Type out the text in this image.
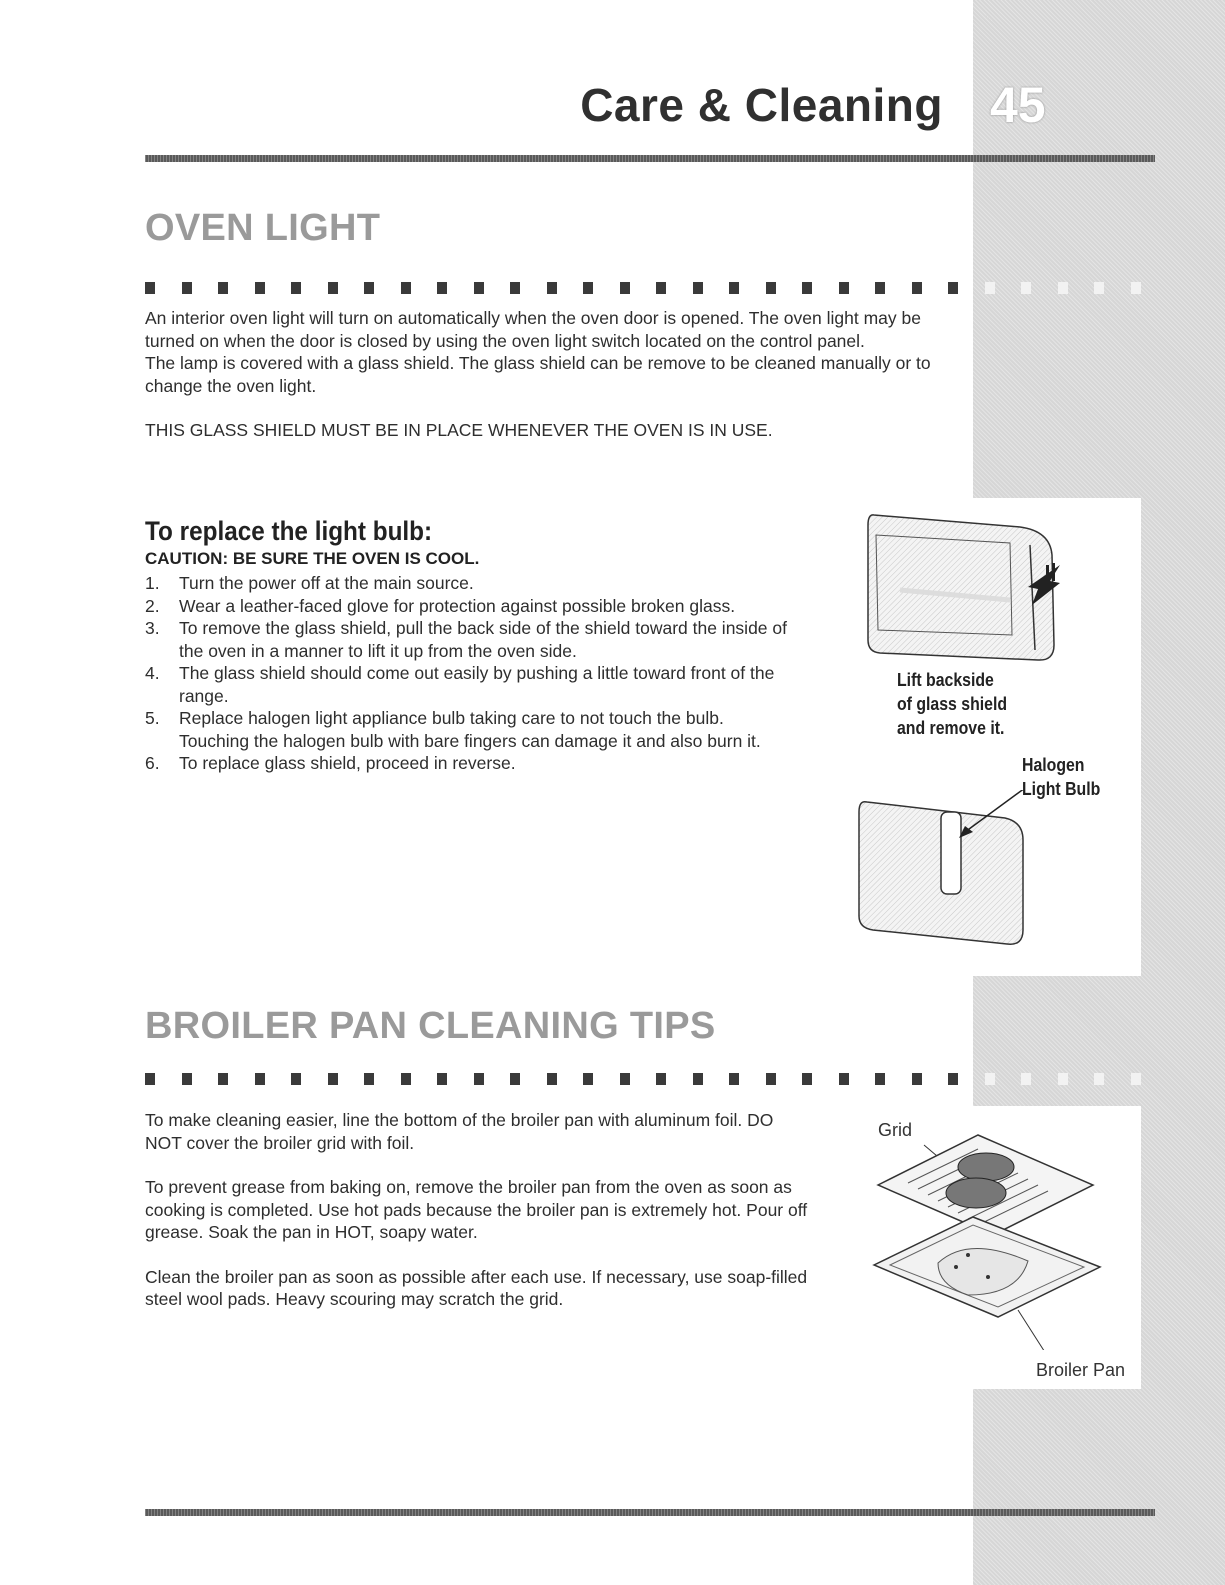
Care & Cleaning 45
OVEN LIGHT

An interior oven light will turn on automatically when the oven door is opened. The oven light may be turned on when the door is closed by using the oven light switch located on the control panel.

The lamp is covered with a glass shield. The glass shield can be remove to be cleaned manually or to change the oven light.

THIS GLASS SHIELD MUST BE IN PLACE WHENEVER THE OVEN IS IN USE.

To replace the light bulb:
CAUTION: BE SURE THE OVEN IS COOL.
1. Turn the power off at the main source.
2. Wear a leather-faced glove for protection against possible broken glass.
3. To remove the glass shield, pull the back side of the shield toward the inside of the oven in a manner to lift it up from the oven side.
4. The glass shield should come out easily by pushing a little toward front of the range.
5. Replace halogen light appliance bulb taking care to not touch the bulb. Touching the halogen bulb with bare fingers can damage it and also burn it.
6. To replace glass shield, proceed in reverse.
Lift backside
of glass shield
and remove it.
Halogen
Light Bulb
BROILER PAN CLEANING TIPS

To make cleaning easier, line the bottom of the broiler pan with aluminum foil. DO NOT cover the broiler grid with foil.

To prevent grease from baking on, remove the broiler pan from the oven as soon as cooking is completed. Use hot pads because the broiler pan is extremely hot. Pour off grease. Soak the pan in HOT, soapy water.

Clean the broiler pan as soon as possible after each use. If necessary, use soap-filled steel wool pads. Heavy scouring may scratch the grid.

Grid
Broiler Pan
